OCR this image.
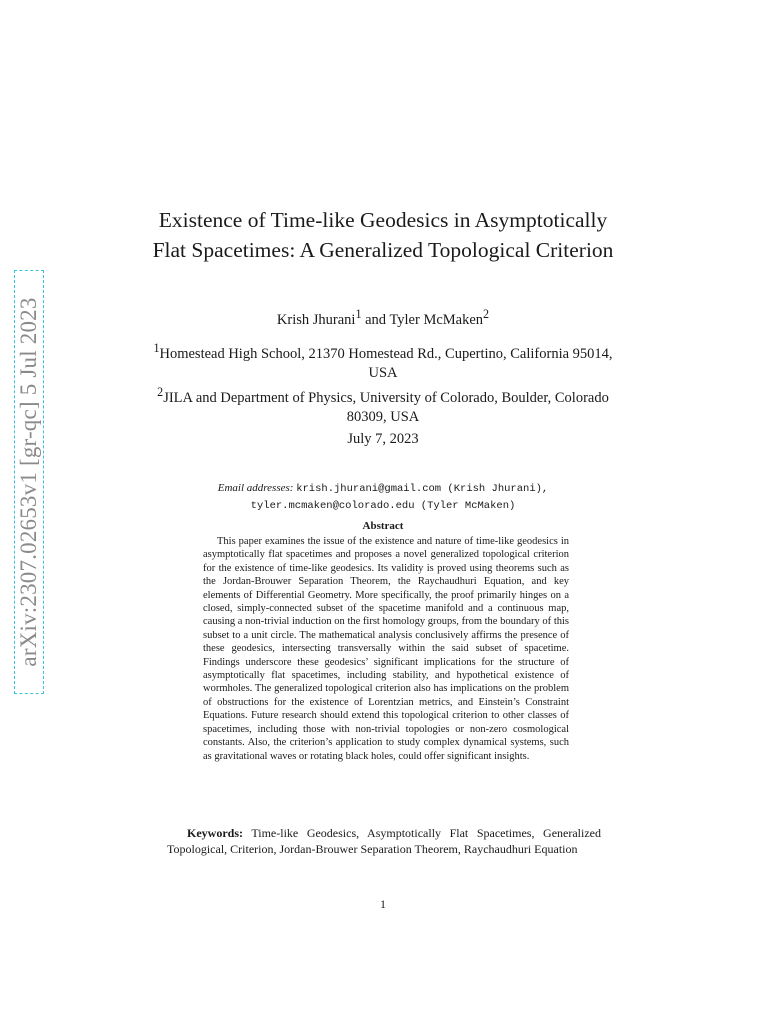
arXiv:2307.02653v1 [gr-qc] 5 Jul 2023
Existence of Time-like Geodesics in Asymptotically Flat Spacetimes: A Generalized Topological Criterion
Krish Jhurani$^1$ and Tyler McMaken$^2$
$^1$Homestead High School, 21370 Homestead Rd., Cupertino, California 95014, USA
$^2$JILA and Department of Physics, University of Colorado, Boulder, Colorado 80309, USA
July 7, 2023
Email addresses: krish.jhurani@gmail.com (Krish Jhurani),
tyler.mcmaken@colorado.edu (Tyler McMaken)
Abstract

This paper examines the issue of the existence and nature of time-like geodesics in asymptotically flat spacetimes and proposes a novel generalized topological criterion for the existence of time-like geodesics. Its validity is proved using theorems such as the Jordan-Brouwer Separation Theorem, the Raychaudhuri Equation, and key elements of Differential Geometry. More specifically, the proof primarily hinges on a closed, simply-connected subset of the spacetime manifold and a continuous map, causing a non-trivial induction on the first homology groups, from the boundary of this subset to a unit circle. The mathematical analysis conclusively affirms the presence of these geodesics, intersecting transversally within the said subset of spacetime. Findings underscore these geodesics’ significant implications for the structure of asymptotically flat spacetimes, including stability, and hypothetical existence of wormholes. The generalized topological criterion also has implications on the problem of obstructions for the existence of Lorentzian metrics, and Einstein’s Constraint Equations. Future research should extend this topological criterion to other classes of spacetimes, including those with non-trivial topologies or non-zero cosmological constants. Also, the criterion’s application to study complex dynamical systems, such as gravitational waves or rotating black holes, could offer significant insights.

Keywords: Time-like Geodesics, Asymptotically Flat Spacetimes, Generalized Topological, Criterion, Jordan-Brouwer Separation Theorem, Raychaudhuri Equation

1
